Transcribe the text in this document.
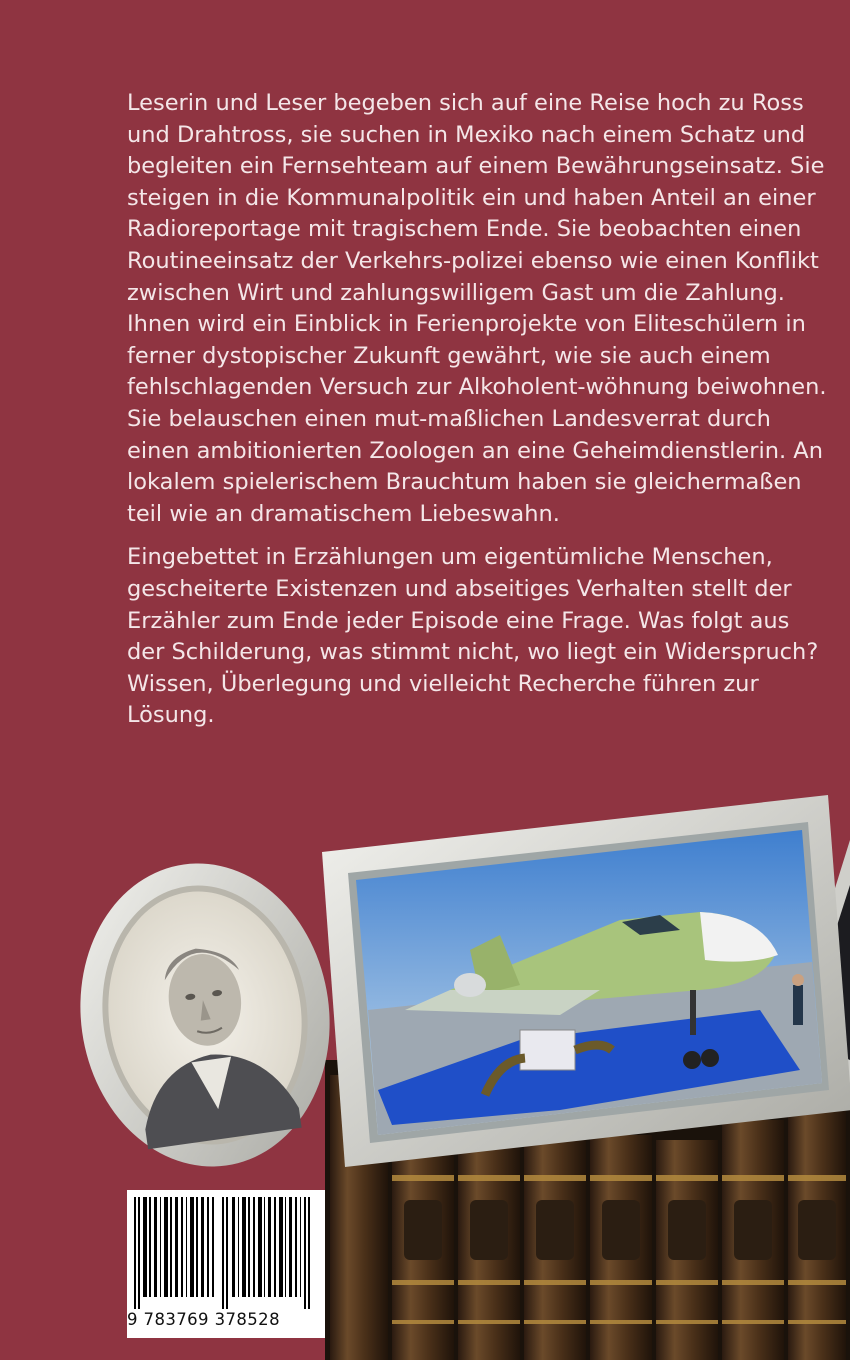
Leserin und Leser begeben sich auf eine Reise hoch zu Ross und Drahtross, sie suchen in Mexiko nach einem Schatz und begleiten ein Fernsehteam auf einem Bewährungseinsatz. Sie steigen in die Kommunalpolitik ein und haben Anteil an einer Radioreportage mit tragischem Ende. Sie beobachten einen Routineeinsatz der Verkehrs-polizei ebenso wie einen Konflikt zwischen Wirt und zahlungswilligem Gast um die Zahlung. Ihnen wird ein Einblick in Ferienprojekte von Eliteschülern in ferner dystopischer Zukunft gewährt, wie sie auch einem fehlschlagenden Versuch zur Alkoholent-wöhnung beiwohnen. Sie belauschen einen mut-maßlichen Landesverrat durch einen ambitionierten Zoologen an eine Geheimdienstlerin. An lokalem spielerischem Brauchtum haben sie gleichermaßen teil wie an dramatischem Liebeswahn.

Eingebettet in Erzählungen um eigentümliche Menschen, gescheiterte Existenzen und abseitiges Verhalten stellt der Erzähler zum Ende jeder Episode eine Frage. Was folgt aus der Schilderung, was stimmt nicht, wo liegt ein Widerspruch? Wissen, Überlegung und vielleicht Recherche führen zur Lösung.

9 783769 378528
